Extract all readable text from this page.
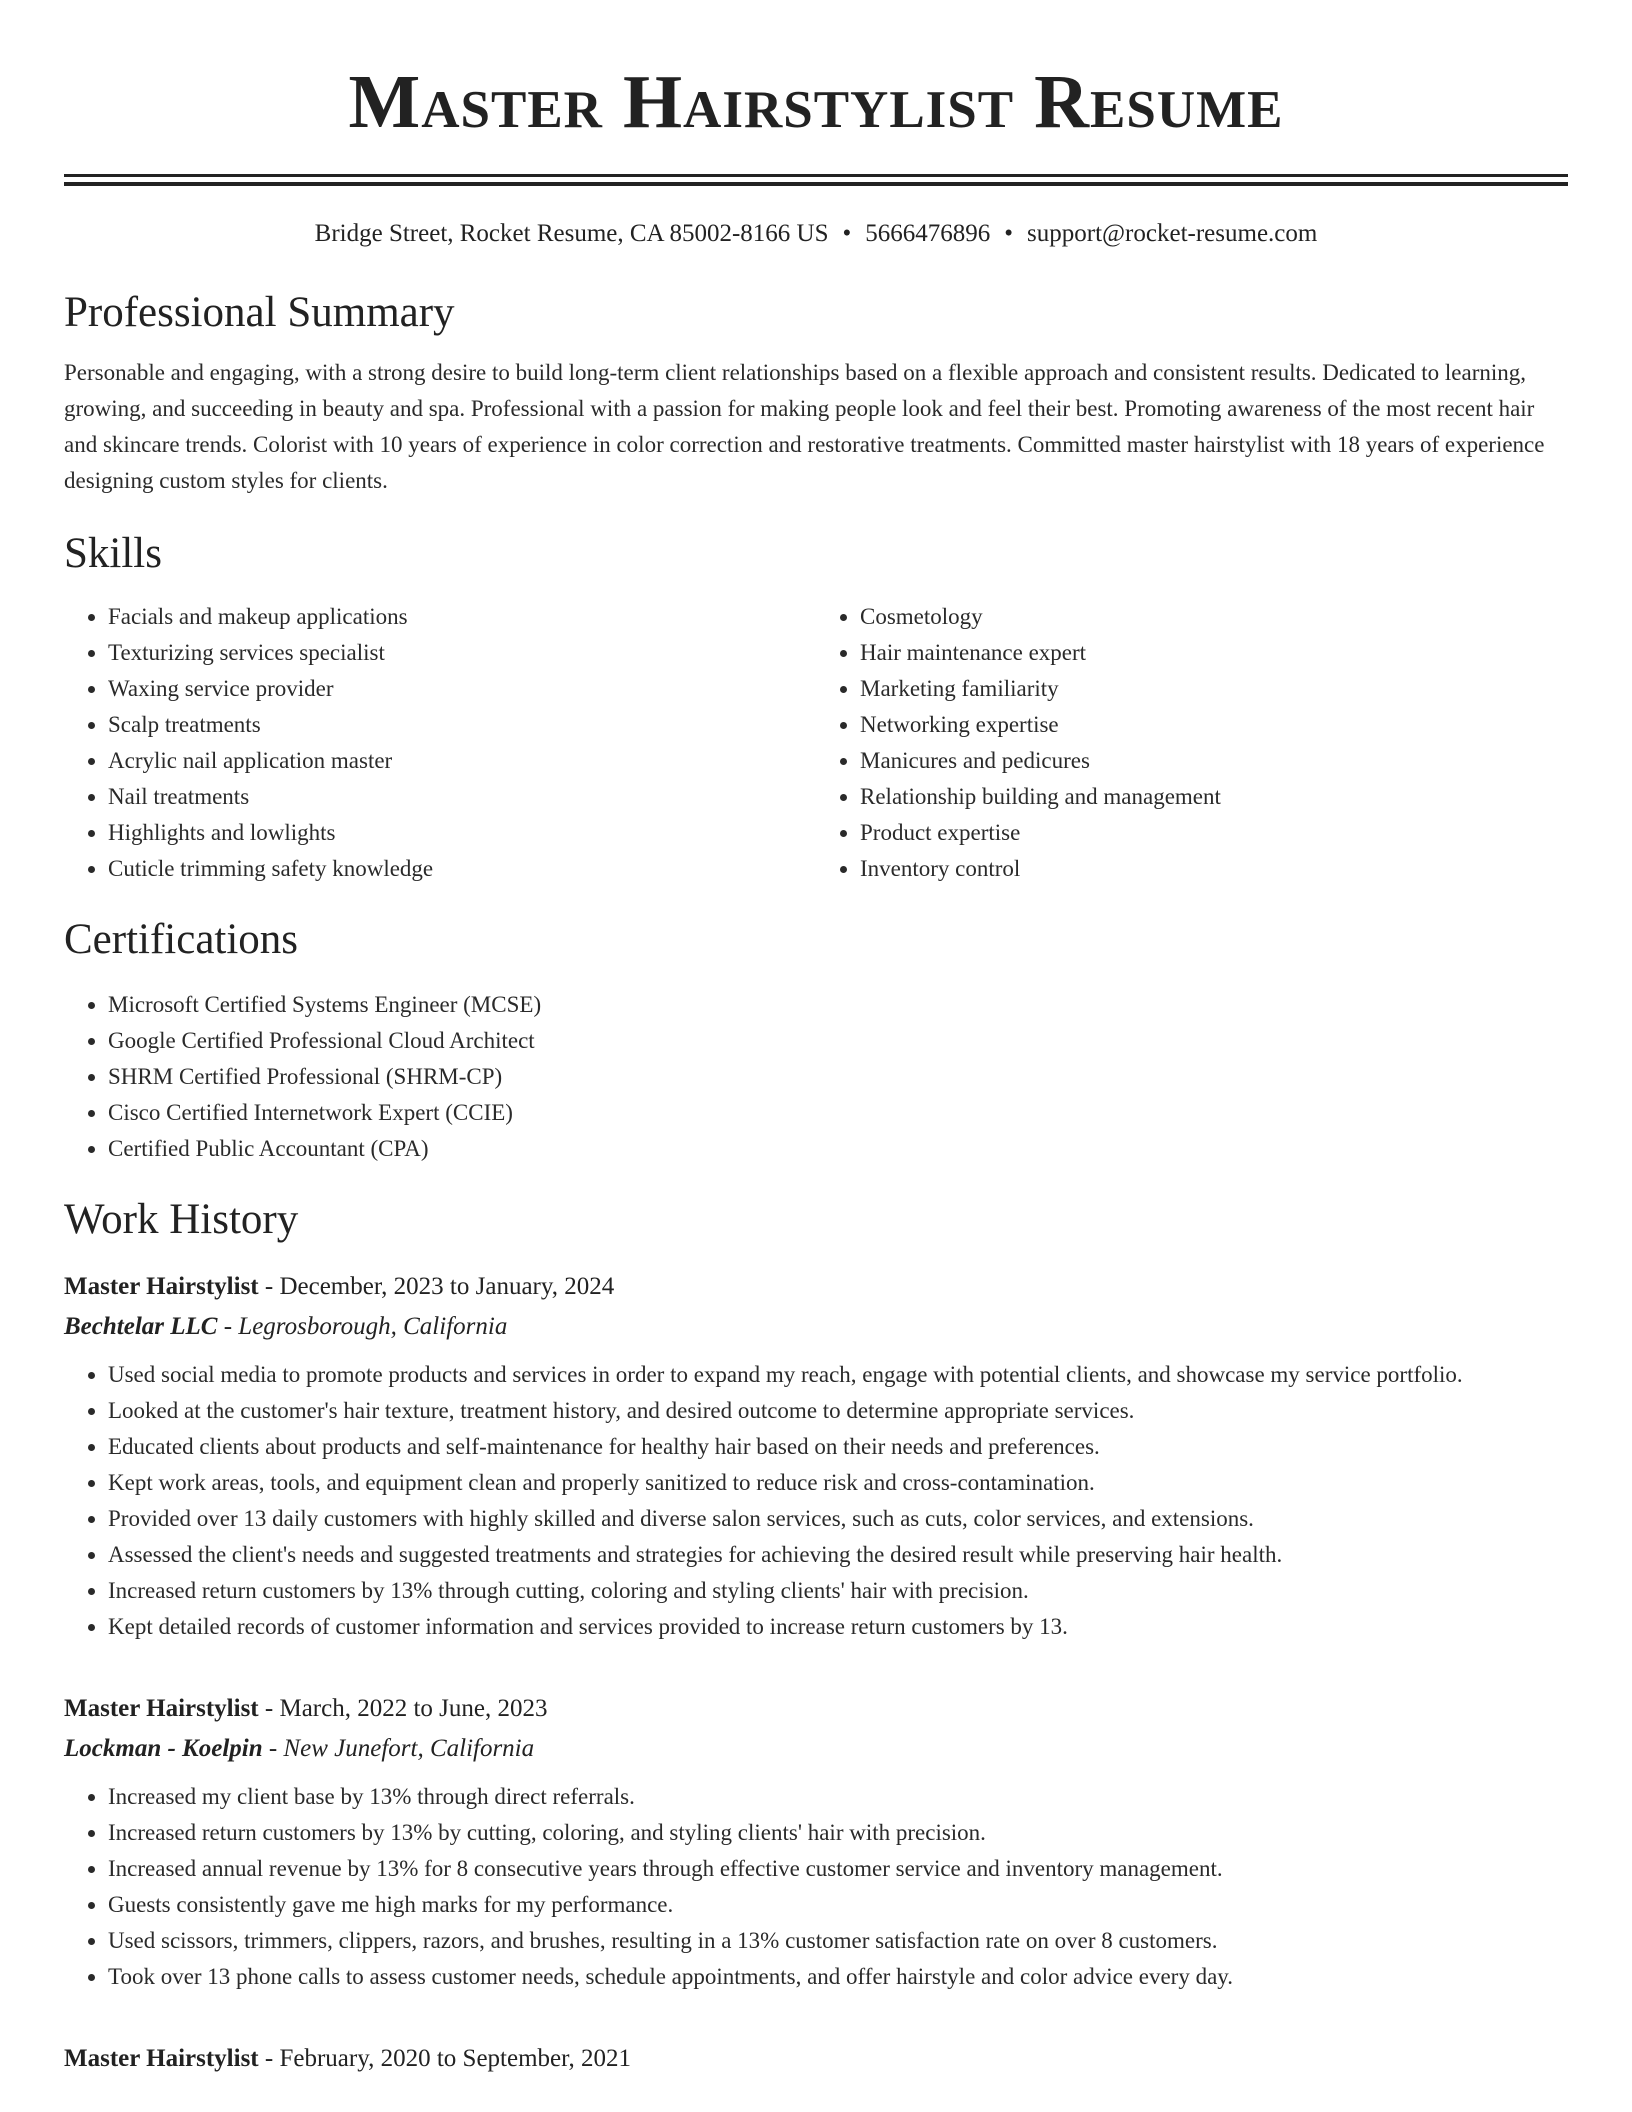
Master Hairstylist Resume
Bridge Street, Rocket Resume, CA 85002-8166 US • 5666476896 • support@rocket-resume.com
Professional Summary

Personable and engaging, with a strong desire to build long-term client relationships based on a flexible approach and consistent results. Dedicated to learning, growing, and succeeding in beauty and spa. Professional with a passion for making people look and feel their best. Promoting awareness of the most recent hair and skincare trends. Colorist with 10 years of experience in color correction and restorative treatments. Committed master hairstylist with 18 years of experience designing custom styles for clients.

Skills
• Facials and makeup applications
• Texturizing services specialist
• Waxing service provider
• Scalp treatments
• Acrylic nail application master
• Nail treatments
• Highlights and lowlights
• Cuticle trimming safety knowledge
• Cosmetology
• Hair maintenance expert
• Marketing familiarity
• Networking expertise
• Manicures and pedicures
• Relationship building and management
• Product expertise
• Inventory control
Certifications
• Microsoft Certified Systems Engineer (MCSE)
• Google Certified Professional Cloud Architect
• SHRM Certified Professional (SHRM-CP)
• Cisco Certified Internetwork Expert (CCIE)
• Certified Public Accountant (CPA)
Work History
Master Hairstylist - December, 2023 to January, 2024
Bechtelar LLC - Legrosborough, California
• Used social media to promote products and services in order to expand my reach, engage with potential clients, and showcase my service portfolio.
• Looked at the customer's hair texture, treatment history, and desired outcome to determine appropriate services.
• Educated clients about products and self-maintenance for healthy hair based on their needs and preferences.
• Kept work areas, tools, and equipment clean and properly sanitized to reduce risk and cross-contamination.
• Provided over 13 daily customers with highly skilled and diverse salon services, such as cuts, color services, and extensions.
• Assessed the client's needs and suggested treatments and strategies for achieving the desired result while preserving hair health.
• Increased return customers by 13% through cutting, coloring and styling clients' hair with precision.
• Kept detailed records of customer information and services provided to increase return customers by 13.
Master Hairstylist - March, 2022 to June, 2023
Lockman - Koelpin - New Junefort, California
• Increased my client base by 13% through direct referrals.
• Increased return customers by 13% by cutting, coloring, and styling clients' hair with precision.
• Increased annual revenue by 13% for 8 consecutive years through effective customer service and inventory management.
• Guests consistently gave me high marks for my performance.
• Used scissors, trimmers, clippers, razors, and brushes, resulting in a 13% customer satisfaction rate on over 8 customers.
• Took over 13 phone calls to assess customer needs, schedule appointments, and offer hairstyle and color advice every day.
Master Hairstylist - February, 2020 to September, 2021
